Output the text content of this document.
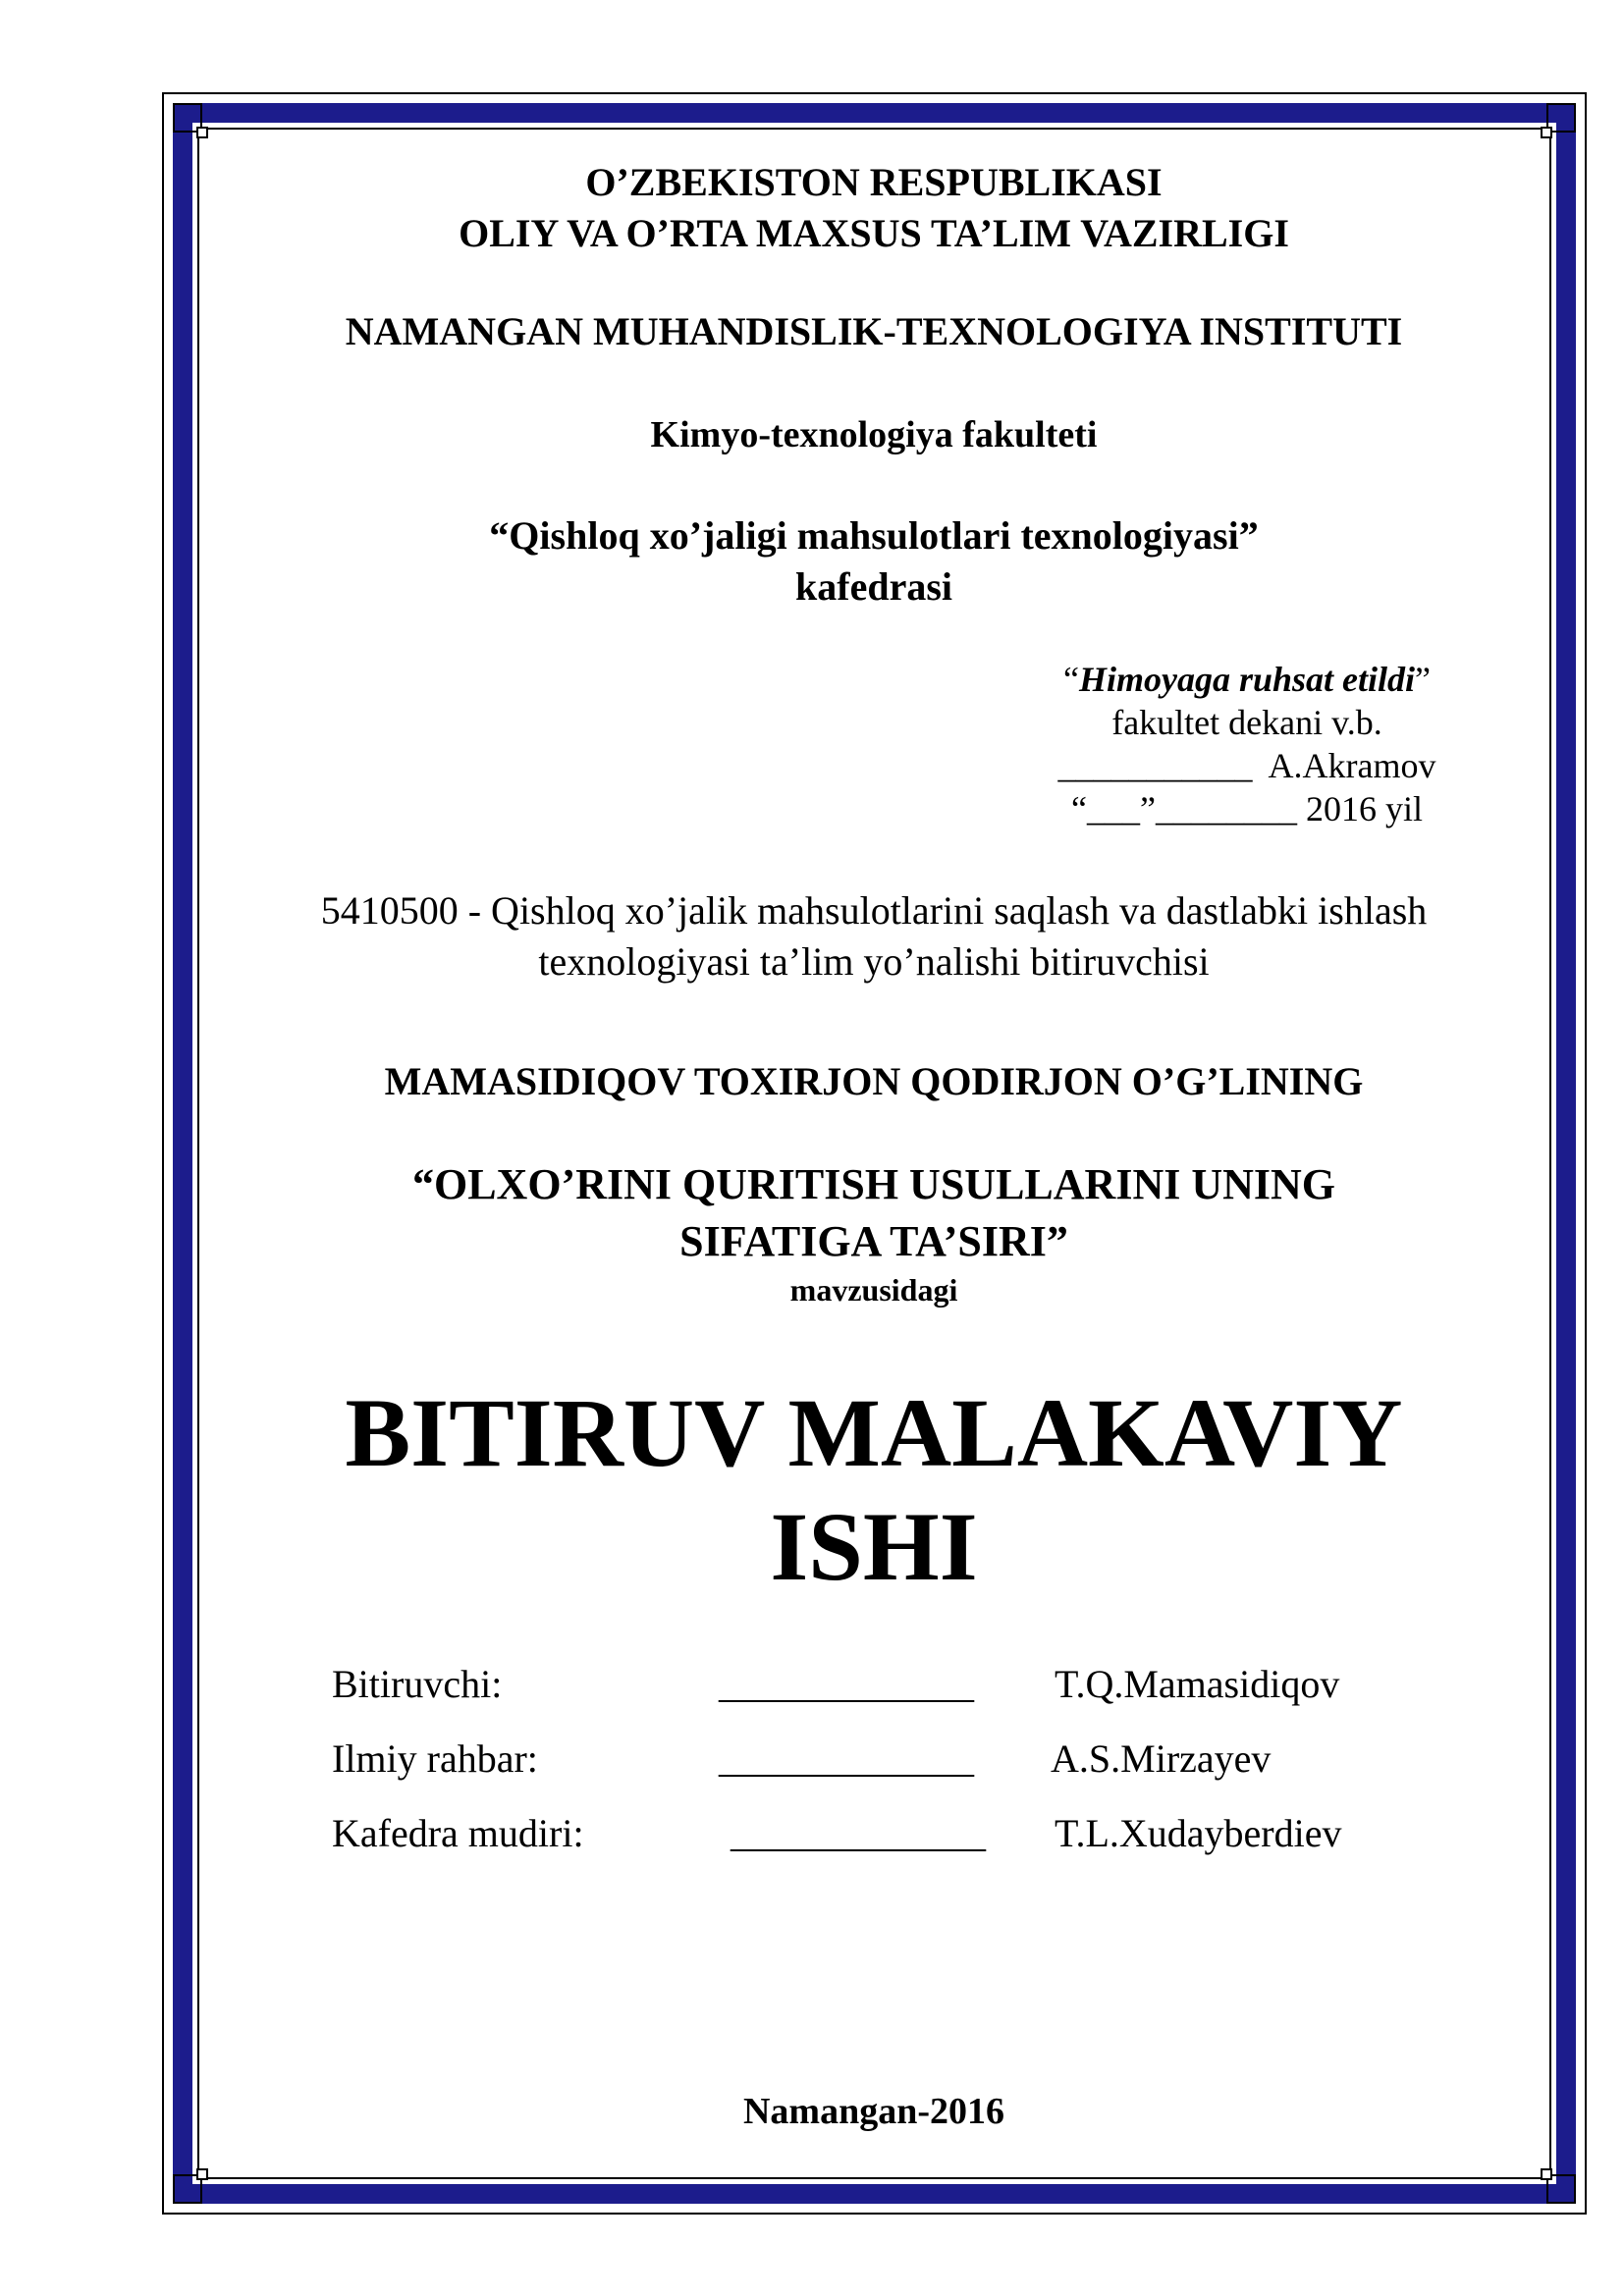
O’ZBEKISTON RESPUBLIKASI
OLIY VA O’RTA MAXSUS TA’LIM VAZIRLIGI
NAMANGAN MUHANDISLIK-TEXNOLOGIYA INSTITUTI
Kimyo-texnologiya fakulteti
“Qishloq xo’jaligi mahsulotlari texnologiyasi”
kafedrasi
“Himoyaga ruhsat etildi”
fakultet dekani v.b.
___________ A.Akramov
“___”________ 2016 yil
5410500 - Qishloq xo’jalik mahsulotlarini saqlash va dastlabki ishlash
texnologiyasi ta’lim yo’nalishi bitiruvchisi
MAMASIDIQOV TOXIRJON QODIRJON O’G’LINING
“OLXO’RINI QURITISH USULLARINI UNING
SIFATIGA TA’SIRI”
mavzusidagi
BITIRUV MALAKAVIY
ISHI
Bitiruvchi:	_____________ T.Q.Mamasidiqov
Ilmiy rahbar:	_____________ A.S.Mirzayev
Kafedra mudiri:	_____________ T.L.Xudayberdiev
Namangan-2016
